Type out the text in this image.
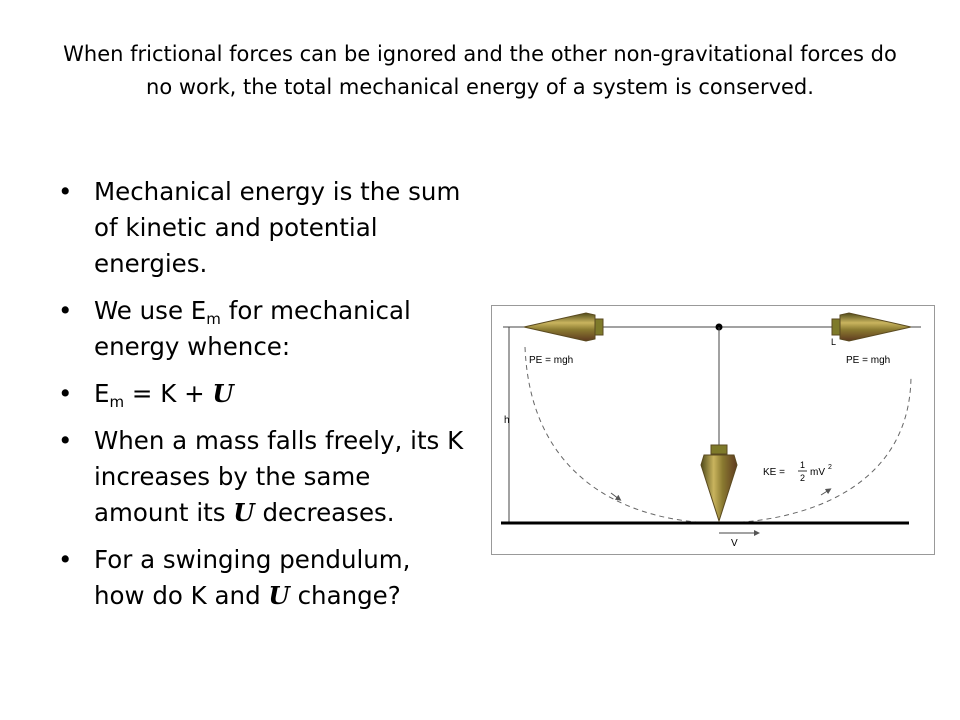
When frictional forces can be ignored and the other non-gravitational forces do no work, the total mechanical energy of a system is conserved.
• Mechanical energy is the sum of kinetic and potential energies.
• We use $E_m$ for mechanical energy whence:
• $E_m = K + U$
• When a mass falls freely, its K increases by the same amount its U decreases.
• For a swinging pendulum, how do K and U change?
h
PE = mgh
L
PE = mgh
KE =
1
2 mV 2
V
